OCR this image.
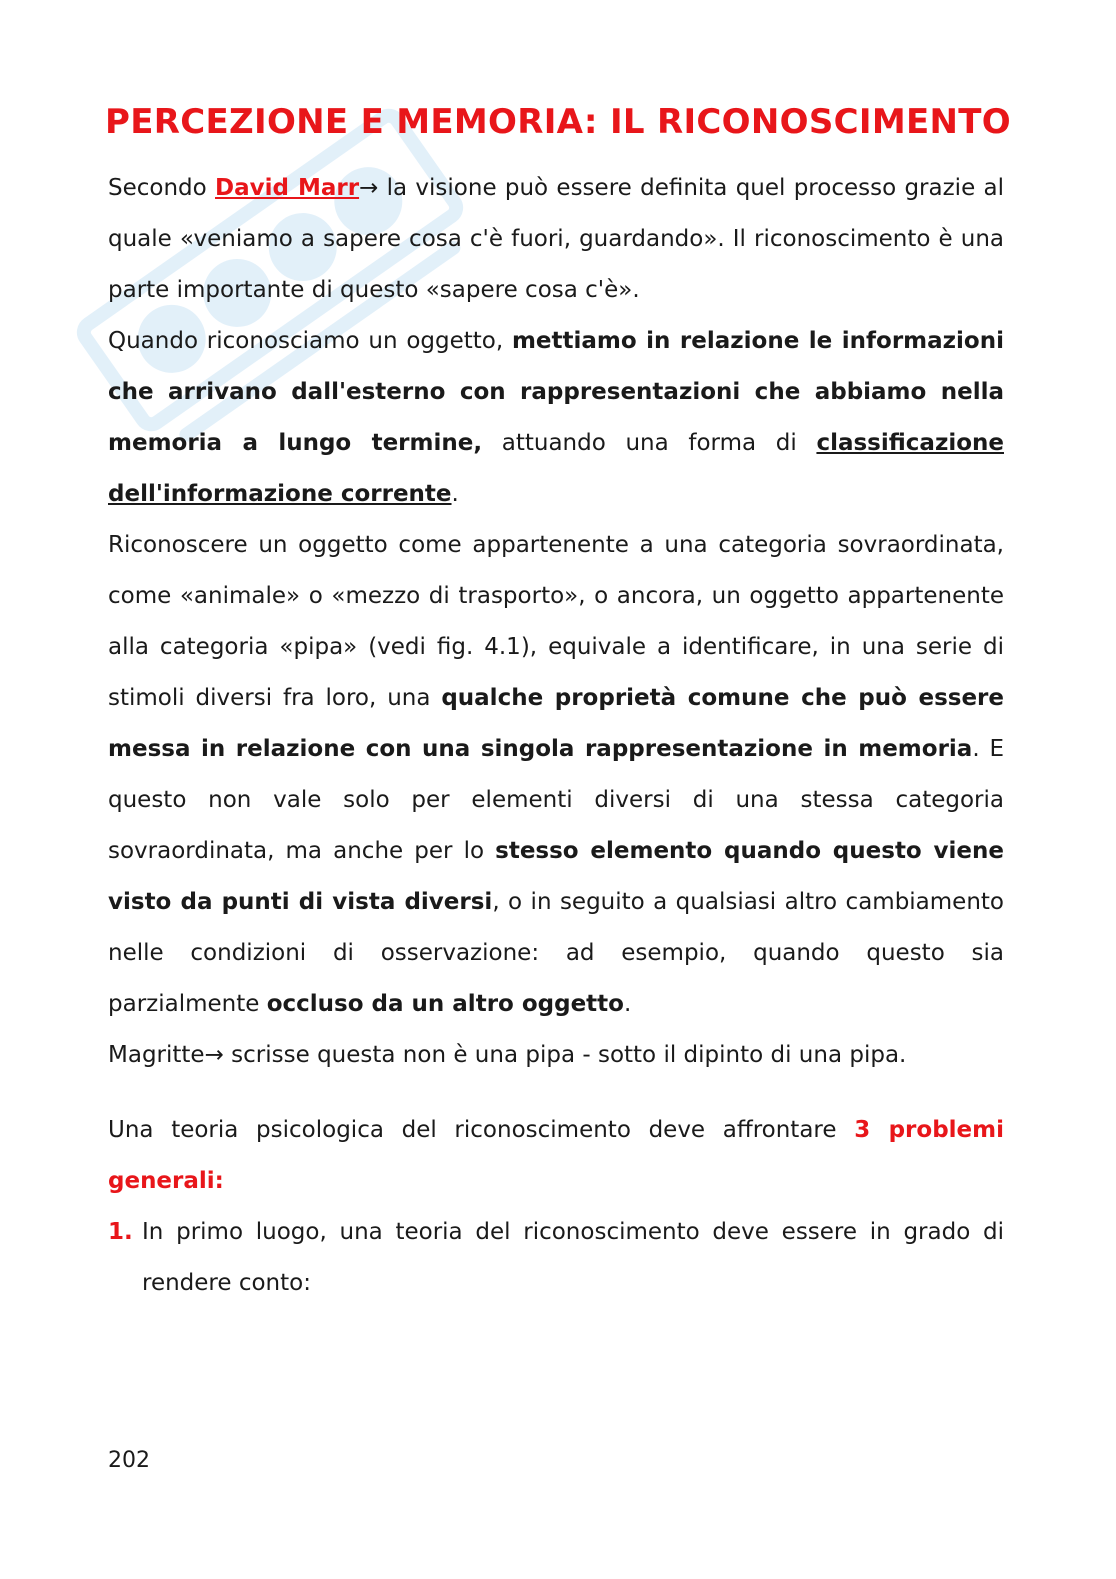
PERCEZIONE E MEMORIA: IL RICONOSCIMENTO

Secondo David Marr→ la visione può essere definita quel processo grazie al quale «veniamo a sapere cosa c'è fuori, guardando». Il riconoscimento è una parte importante di questo «sapere cosa c'è».

Quando riconosciamo un oggetto, mettiamo in relazione le informazioni che arrivano dall'esterno con rappresentazioni che abbiamo nella memoria a lungo termine, attuando una forma di classificazione dell'informazione corrente.

Riconoscere un oggetto come appartenente a una categoria sovraordinata, come «animale» o «mezzo di trasporto», o ancora, un oggetto appartenente alla categoria «pipa» (vedi fig. 4.1), equivale a identificare, in una serie di stimoli diversi fra loro, una qualche proprietà comune che può essere messa in relazione con una singola rappresentazione in memoria. E questo non vale solo per elementi diversi di una stessa categoria sovraordinata, ma anche per lo stesso elemento quando questo viene visto da punti di vista diversi, o in seguito a qualsiasi altro cambiamento nelle condizioni di osservazione: ad esempio, quando questo sia parzialmente occluso da un altro oggetto.

Magritte→ scrisse questa non è una pipa - sotto il dipinto di una pipa.

Una teoria psicologica del riconoscimento deve affrontare 3 problemi generali:

1. In primo luogo, una teoria del riconoscimento deve essere in grado di rendere conto:
202
